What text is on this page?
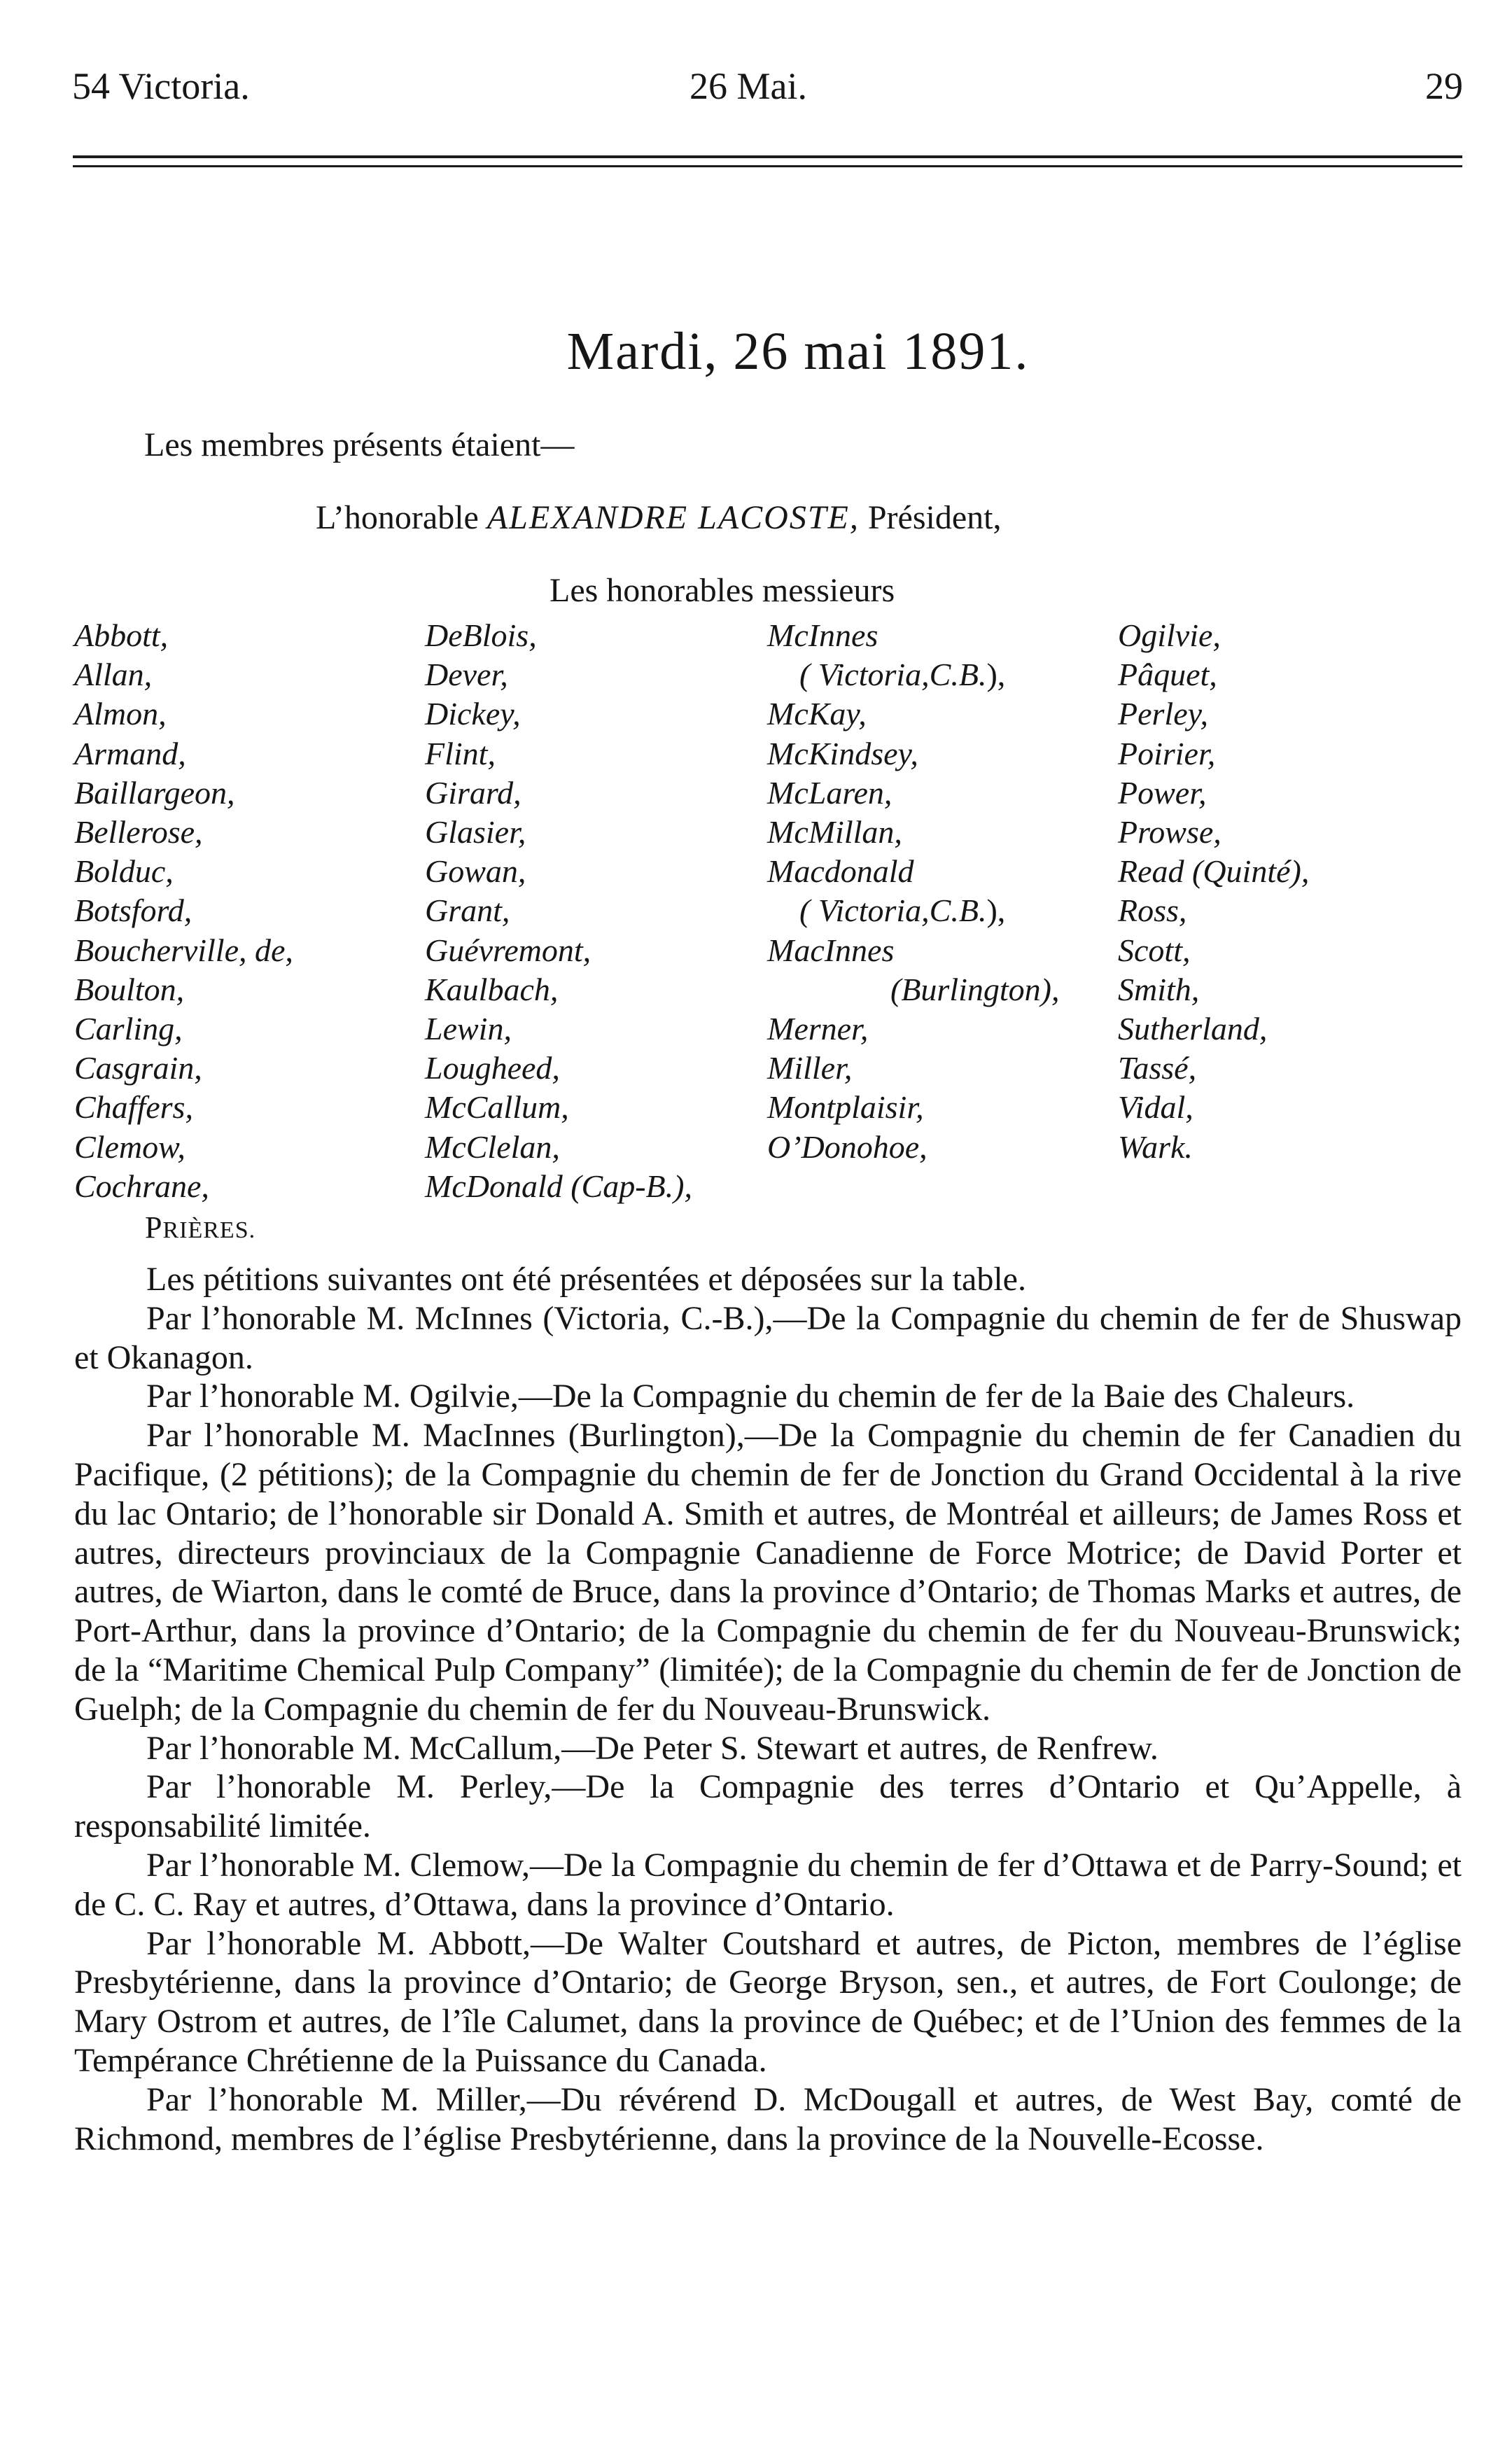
54 Victoria.	26 Mai.	29
Mardi, 26 mai 1891.
Les membres présents étaient—
L’honorable ALEXANDRE LACOSTE, Président,
Les honorables messieurs
Abbott,
Allan,
Almon,
Armand,
Baillargeon,
Bellerose,
Bolduc,
Botsford,
Boucherville, de,
Boulton,
Carling,
Casgrain,
Chaffers,
Clemow,
Cochrane,
DeBlois,
Dever,
Dickey,
Flint,
Girard,
Glasier,
Gowan,
Grant,
Guévremont,
Kaulbach,
Lewin,
Lougheed,
McCallum,
McClelan,
McDonald (Cap-B.),
McInnes
( Victoria,C.B.),
McKay,
McKindsey,
McLaren,
McMillan,
Macdonald
( Victoria,C.B.),
MacInnes
(Burlington),
Merner,
Miller,
Montplaisir,
O’Donohoe,
Ogilvie,
Pâquet,
Perley,
Poirier,
Power,
Prowse,
Read (Quinté),
Ross,
Scott,
Smith,
Sutherland,
Tassé,
Vidal,
Wark.
PRIÈRES.

Les pétitions suivantes ont été présentées et déposées sur la table.

Par l’honorable M. McInnes (Victoria, C.-B.),—De la Compagnie du chemin de fer de Shuswap et Okanagon.

Par l’honorable M. Ogilvie,—De la Compagnie du chemin de fer de la Baie des Chaleurs.

Par l’honorable M. MacInnes (Burlington),—De la Compagnie du chemin de fer Canadien du Pacifique, (2 pétitions); de la Compagnie du chemin de fer de Jonction du Grand Occidental à la rive du lac Ontario; de l’honorable sir Donald A. Smith et autres, de Montréal et ailleurs; de James Ross et autres, directeurs provinciaux de la Compagnie Canadienne de Force Motrice; de David Porter et autres, de Wiarton, dans le comté de Bruce, dans la province d’Ontario; de Thomas Marks et autres, de Port-Arthur, dans la province d’Ontario; de la Compagnie du chemin de fer du Nouveau-Brunswick; de la “Maritime Chemical Pulp Company” (limitée); de la Compagnie du chemin de fer de Jonction de Guelph; de la Compagnie du chemin de fer du Nouveau-Brunswick.

Par l’honorable M. McCallum,—De Peter S. Stewart et autres, de Renfrew.

Par l’honorable M. Perley,—De la Compagnie des terres d’Ontario et Qu’Appelle, à responsabilité limitée.

Par l’honorable M. Clemow,—De la Compagnie du chemin de fer d’Ottawa et de Parry-Sound; et de C. C. Ray et autres, d’Ottawa, dans la province d’Ontario.

Par l’honorable M. Abbott,—De Walter Coutshard et autres, de Picton, membres de l’église Presbytérienne, dans la province d’Ontario; de George Bryson, sen., et autres, de Fort Coulonge; de Mary Ostrom et autres, de l’île Calumet, dans la province de Québec; et de l’Union des femmes de la Tempérance Chrétienne de la Puissance du Canada.

Par l’honorable M. Miller,—Du révérend D. McDougall et autres, de West Bay, comté de Richmond, membres de l’église Presbytérienne, dans la province de la Nouvelle-Ecosse.
